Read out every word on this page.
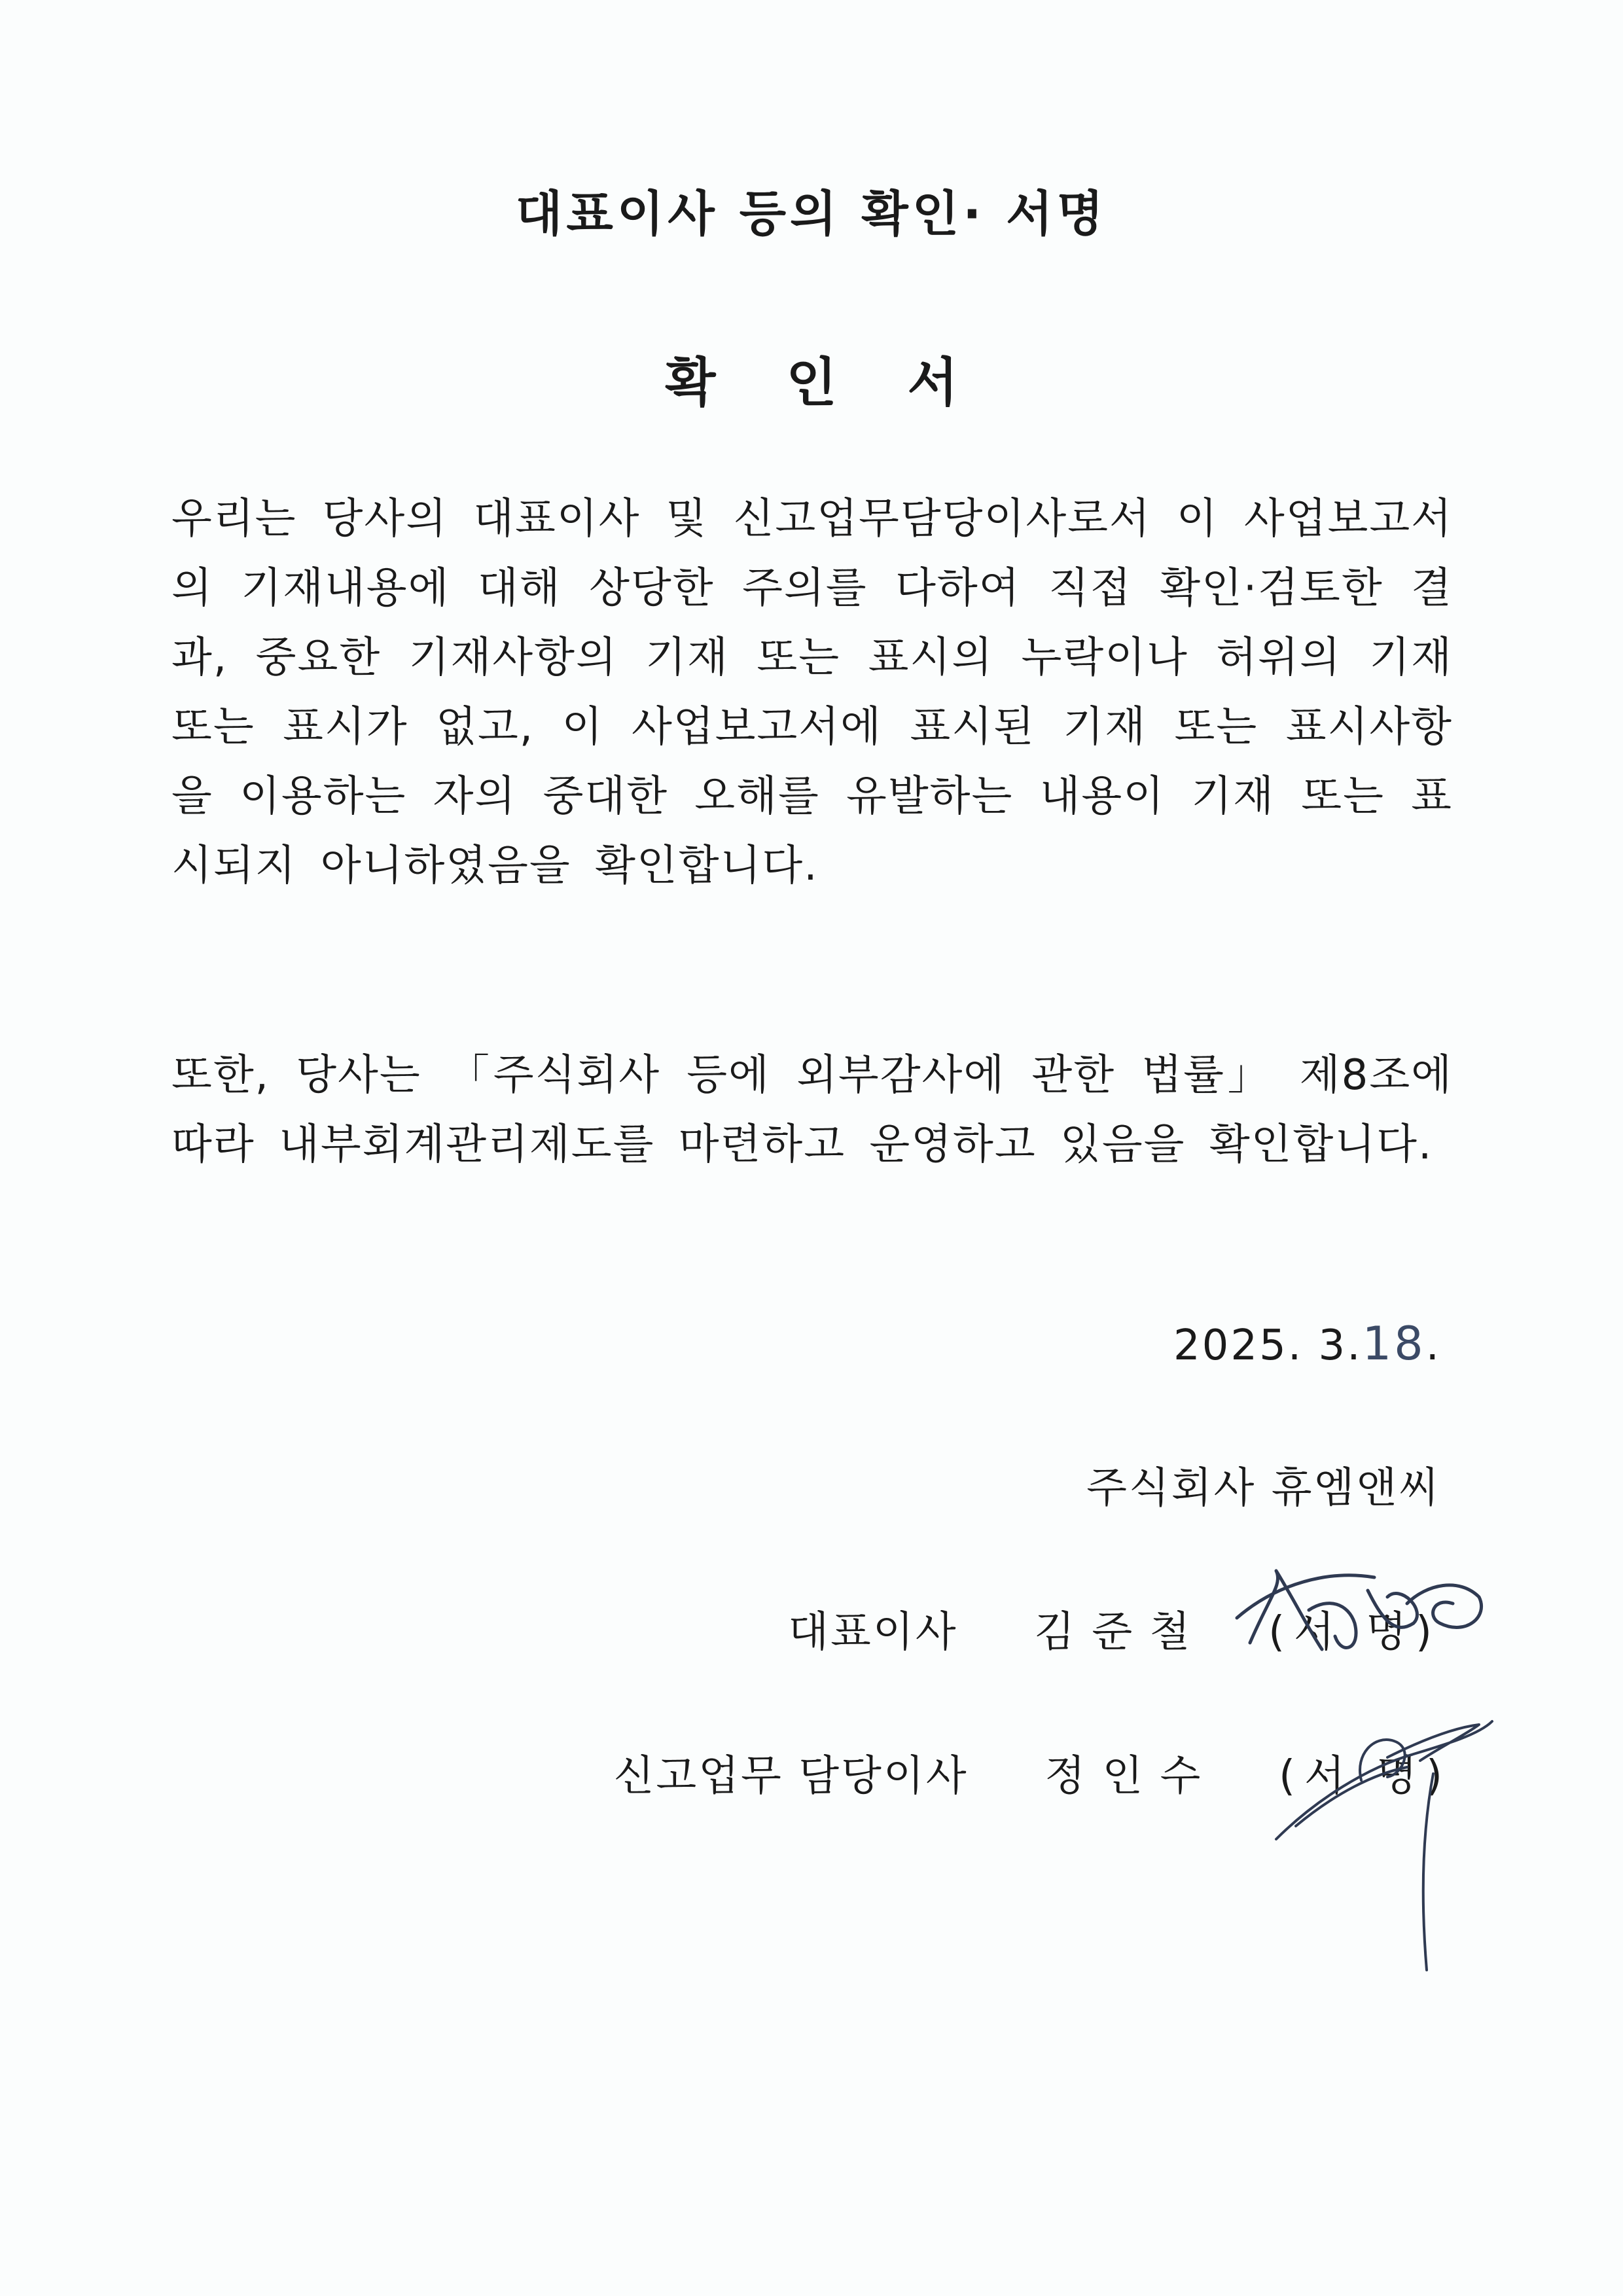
대표이사 등의 확인· 서명
확 인 서

우리는 당사의 대표이사 및 신고업무담당이사로서 이 사업보고서의 기재내용에 대해 상당한 주의를 다하여 직접 확인·검토한 결과, 중요한 기재사항의 기재 또는 표시의 누락이나 허위의 기재 또는 표시가 없고, 이 사업보고서에 표시된 기재 또는 표시사항을 이용하는 자의 중대한 오해를 유발하는 내용이 기재 또는 표시되지 아니하였음을 확인합니다.

또한, 당사는 「주식회사 등에 외부감사에 관한 법률」 제8조에 따라 내부회계관리제도를 마련하고 운영하고 있음을 확인합니다.

2025. 3.18.
주식회사 휴엠앤씨
대표이사 김 준 철 (서 명)
신고업무 담당이사 정 인 수 (서 명)
